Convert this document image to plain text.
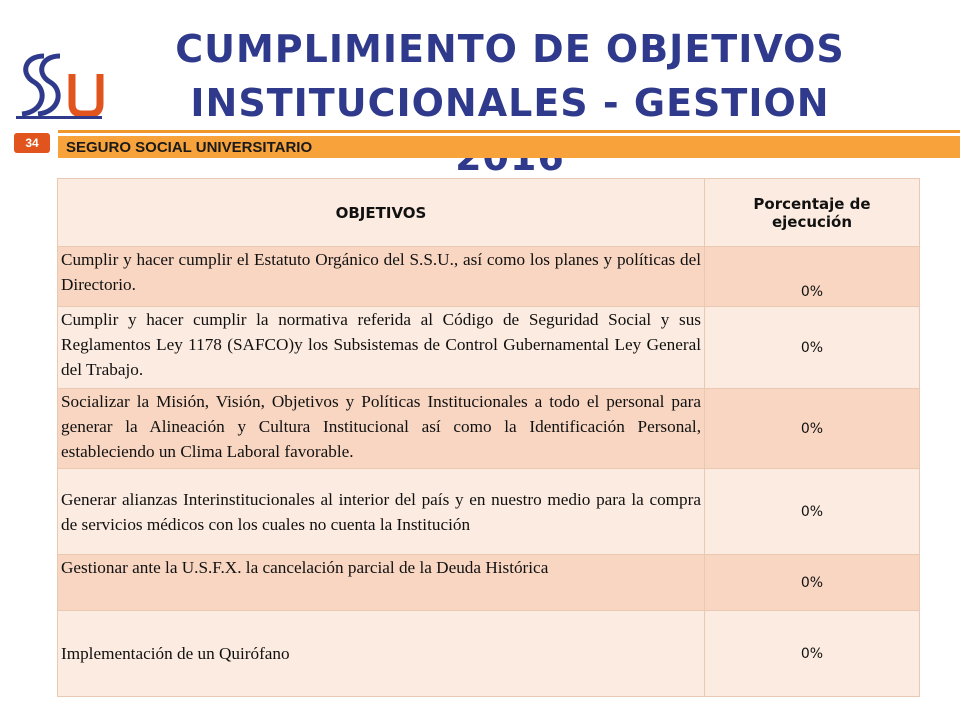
CUMPLIMIENTO DE OBJETIVOS
INSTITUCIONALES - GESTION
SEGURO SOCIAL UNIVERSITARIO
34
OBJETIVOS	Porcentaje de ejecución
Cumplir y hacer cumplir el Estatuto Orgánico del S.S.U., así como los planes y políticas del Directorio.	0%
Cumplir y hacer cumplir la normativa referida al Código de Seguridad Social y sus Reglamentos Ley 1178 (SAFCO)y los Subsistemas de Control Gubernamental Ley General del Trabajo.	0%
Socializar la Misión, Visión, Objetivos y Políticas Institucionales a todo el personal para generar la Alineación y Cultura Institucional así como la Identificación Personal, estableciendo un Clima Laboral favorable.	0%
Generar alianzas Interinstitucionales al interior del país y en nuestro medio para la compra de servicios médicos con los cuales no cuenta la Institución	0%
Gestionar ante la U.S.F.X. la cancelación parcial de la Deuda Histórica	0%
Implementación de un Quirófano	0%
